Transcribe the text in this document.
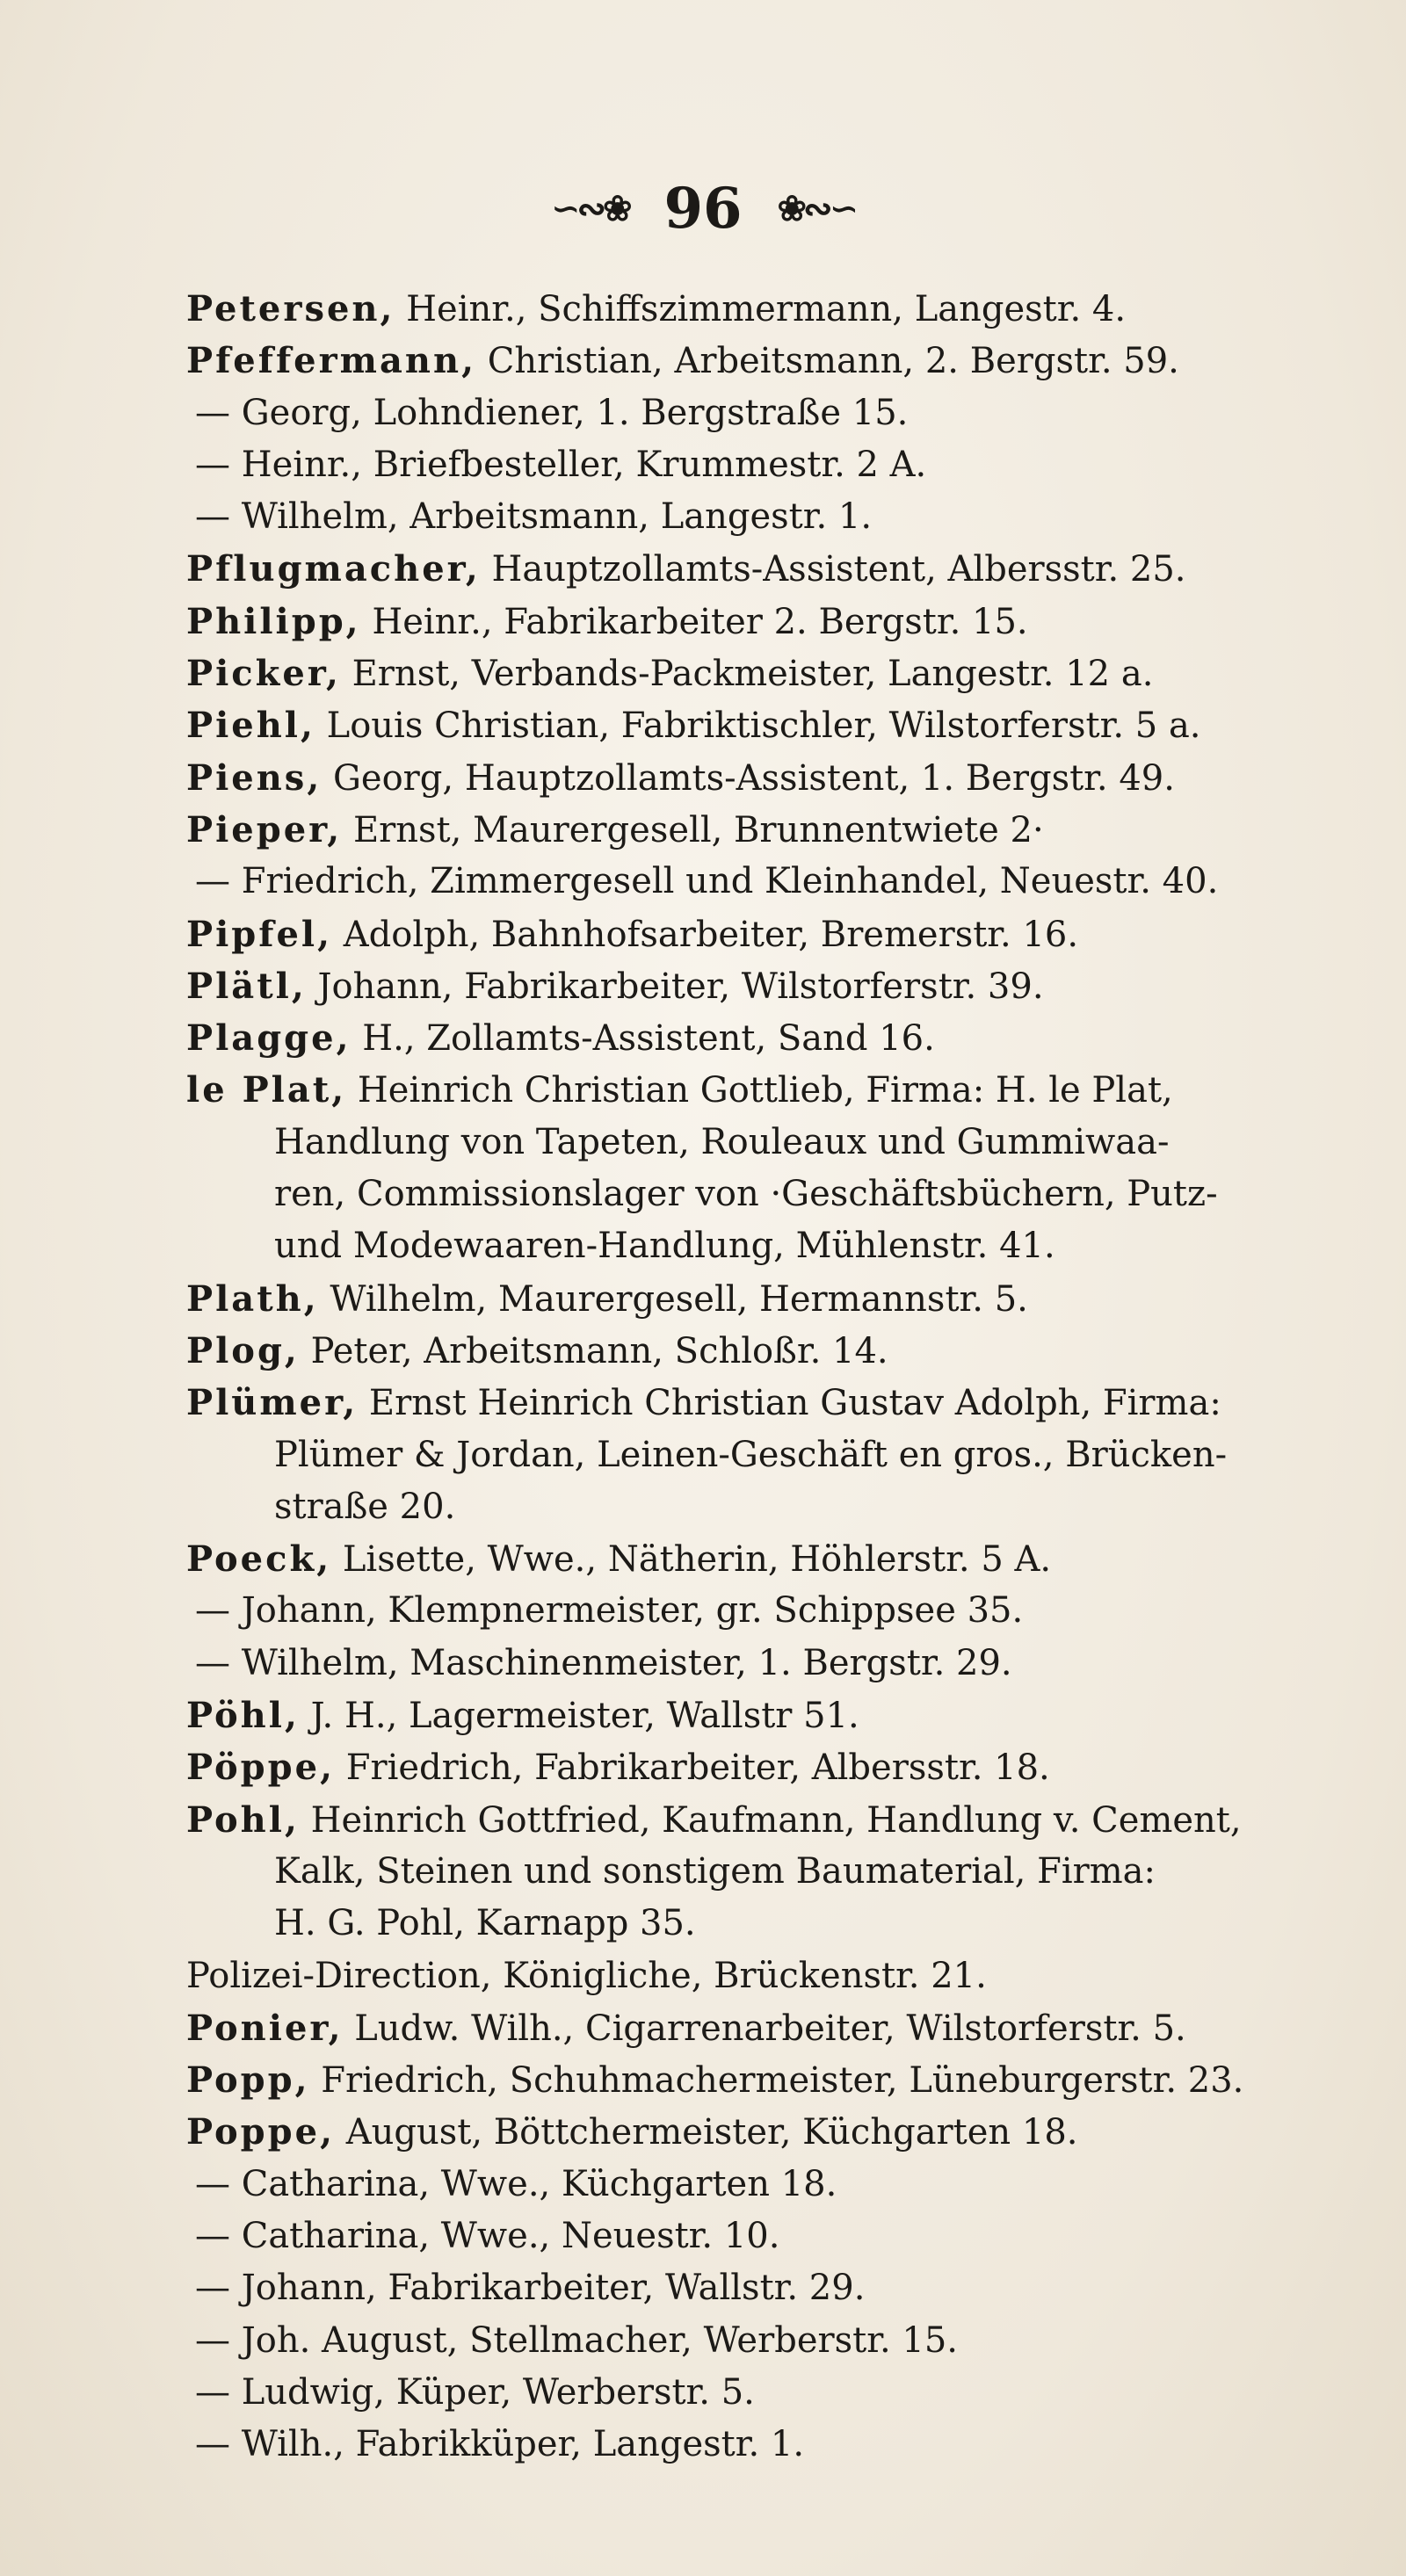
∽∾❀ 96 ❀∾∽
Petersen, Heinr., Schiffszimmermann, Langestr. 4.
Pfeffermann, Christian, Arbeitsmann, 2. Bergstr. 59.
— Georg, Lohndiener, 1. Bergstraße 15.
— Heinr., Briefbesteller, Krummestr. 2 A.
— Wilhelm, Arbeitsmann, Langestr. 1.
Pflugmacher, Hauptzollamts-Assistent, Albersstr. 25.
Philipp, Heinr., Fabrikarbeiter 2. Bergstr. 15.
Picker, Ernst, Verbands-Packmeister, Langestr. 12 a.
Piehl, Louis Christian, Fabriktischler, Wilstorferstr. 5 a.
Piens, Georg, Hauptzollamts-Assistent, 1. Bergstr. 49.
Pieper, Ernst, Maurergesell, Brunnentwiete 2·
— Friedrich, Zimmergesell und Kleinhandel, Neuestr. 40.
Pipfel, Adolph, Bahnhofsarbeiter, Bremerstr. 16.
Plätl, Johann, Fabrikarbeiter, Wilstorferstr. 39.
Plagge, H., Zollamts-Assistent, Sand 16.
le Plat, Heinrich Christian Gottlieb, Firma: H. le Plat,
Handlung von Tapeten, Rouleaux und Gummiwaa-
ren, Commissionslager von ·Geschäftsbüchern, Putz-
und Modewaaren-Handlung, Mühlenstr. 41.
Plath, Wilhelm, Maurergesell, Hermannstr. 5.
Plog, Peter, Arbeitsmann, Schloßr. 14.
Plümer, Ernst Heinrich Christian Gustav Adolph, Firma:
Plümer & Jordan, Leinen-Geschäft en gros., Brücken-
straße 20.
Poeck, Lisette, Wwe., Nätherin, Höhlerstr. 5 A.
— Johann, Klempnermeister, gr. Schippsee 35.
— Wilhelm, Maschinenmeister, 1. Bergstr. 29.
Pöhl, J. H., Lagermeister, Wallstr 51.
Pöppe, Friedrich, Fabrikarbeiter, Albersstr. 18.
Pohl, Heinrich Gottfried, Kaufmann, Handlung v. Cement,
Kalk, Steinen und sonstigem Baumaterial, Firma:
H. G. Pohl, Karnapp 35.
Polizei-Direction, Königliche, Brückenstr. 21.
Ponier, Ludw. Wilh., Cigarrenarbeiter, Wilstorferstr. 5.
Popp, Friedrich, Schuhmachermeister, Lüneburgerstr. 23.
Poppe, August, Böttchermeister, Küchgarten 18.
— Catharina, Wwe., Küchgarten 18.
— Catharina, Wwe., Neuestr. 10.
— Johann, Fabrikarbeiter, Wallstr. 29.
— Joh. August, Stellmacher, Werberstr. 15.
— Ludwig, Küper, Werberstr. 5.
— Wilh., Fabrikküper, Langestr. 1.
